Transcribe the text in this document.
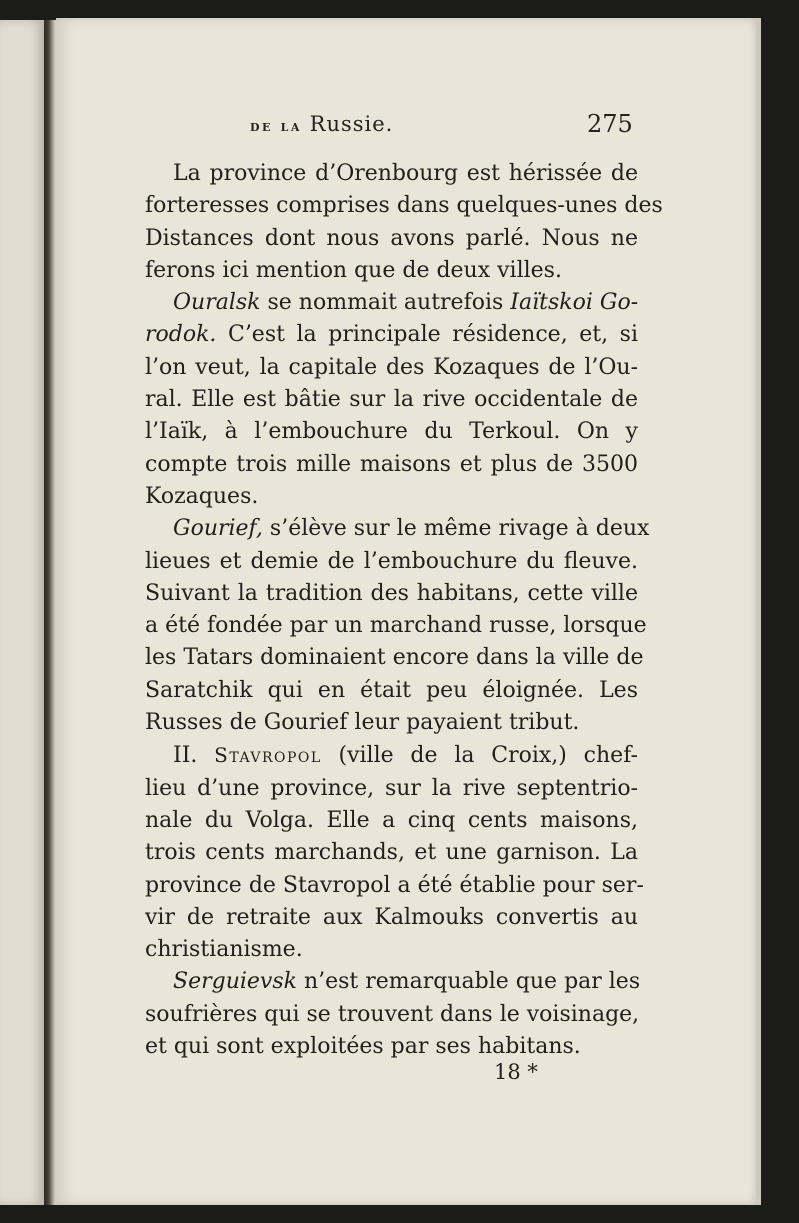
de la Russie.	275
La province d’Orenbourg est hérissée de
forteresses comprises dans quelques-unes des
Distances dont nous avons parlé. Nous ne
ferons ici mention que de deux villes.
Ouralsk se nommait autrefois Iaïtskoi Go-
rodok. C’est la principale résidence, et, si
l’on veut, la capitale des Kozaques de l’Ou-
ral. Elle est bâtie sur la rive occidentale de
l’Iaïk, à l’embouchure du Terkoul. On y
compte trois mille maisons et plus de 3500
Kozaques.
Gourief, s’élève sur le même rivage à deux
lieues et demie de l’embouchure du fleuve.
Suivant la tradition des habitans, cette ville
a été fondée par un marchand russe, lorsque
les Tatars dominaient encore dans la ville de
Saratchik qui en était peu éloignée. Les
Russes de Gourief leur payaient tribut.
II. Stavropol (ville de la Croix,) chef-
lieu d’une province, sur la rive septentrio-
nale du Volga. Elle a cinq cents maisons,
trois cents marchands, et une garnison. La
province de Stavropol a été établie pour ser-
vir de retraite aux Kalmouks convertis au
christianisme.
Serguievsk n’est remarquable que par les
soufrières qui se trouvent dans le voisinage,
et qui sont exploitées par ses habitans.
18 *
